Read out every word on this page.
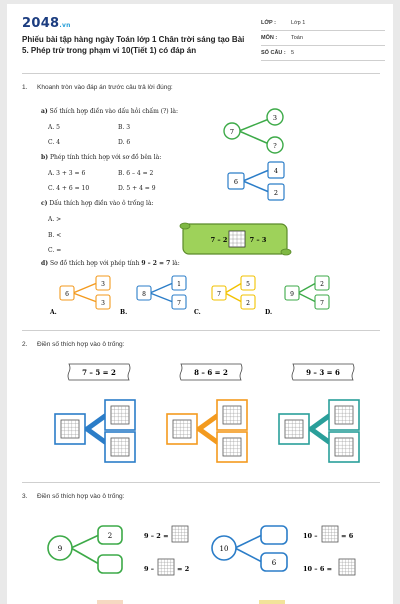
2048.vn
Phiếu bài tập hàng ngày Toán lớp 1 Chân trời sáng tạo Bài 5. Phép trừ trong phạm vi 10(Tiết 1) có đáp án
LỚP :	Lớp 1
MÔN :	Toán
SỐ CÂU : 5
1. Khoanh tròn vào đáp án trước câu trả lời đúng:
a) Số thích hợp điền vào dấu hỏi chấm (?) là:
A. 5	B. 3
C. 4	D. 6
b) Phép tính thích hợp với sơ đồ bên là:
A. 3 + 3 = 6	B. 6 – 4 = 2
C. 4 + 6 = 10	D. 5 + 4 = 9
c) Dấu thích hợp điền vào ô trống là:
A. >
B. <
C. =
d) Sơ đồ thích hợp với phép tính 9 – 2 = 7 là:
7
3
?
6
4
2
7 – 2	7 – 3
6
3
3
A.
8
1
7
B.
7
5
2
C.
9
2
7
D.
2. Điền số thích hợp vào ô trống:
7 – 5 = 2	8 – 6 = 2	9 – 3 = 6
3. Điền số thích hợp vào ô trống:
9
2	9 – 2 =
9 –	= 2
10
6
10 –	= 6
10 – 6 =
